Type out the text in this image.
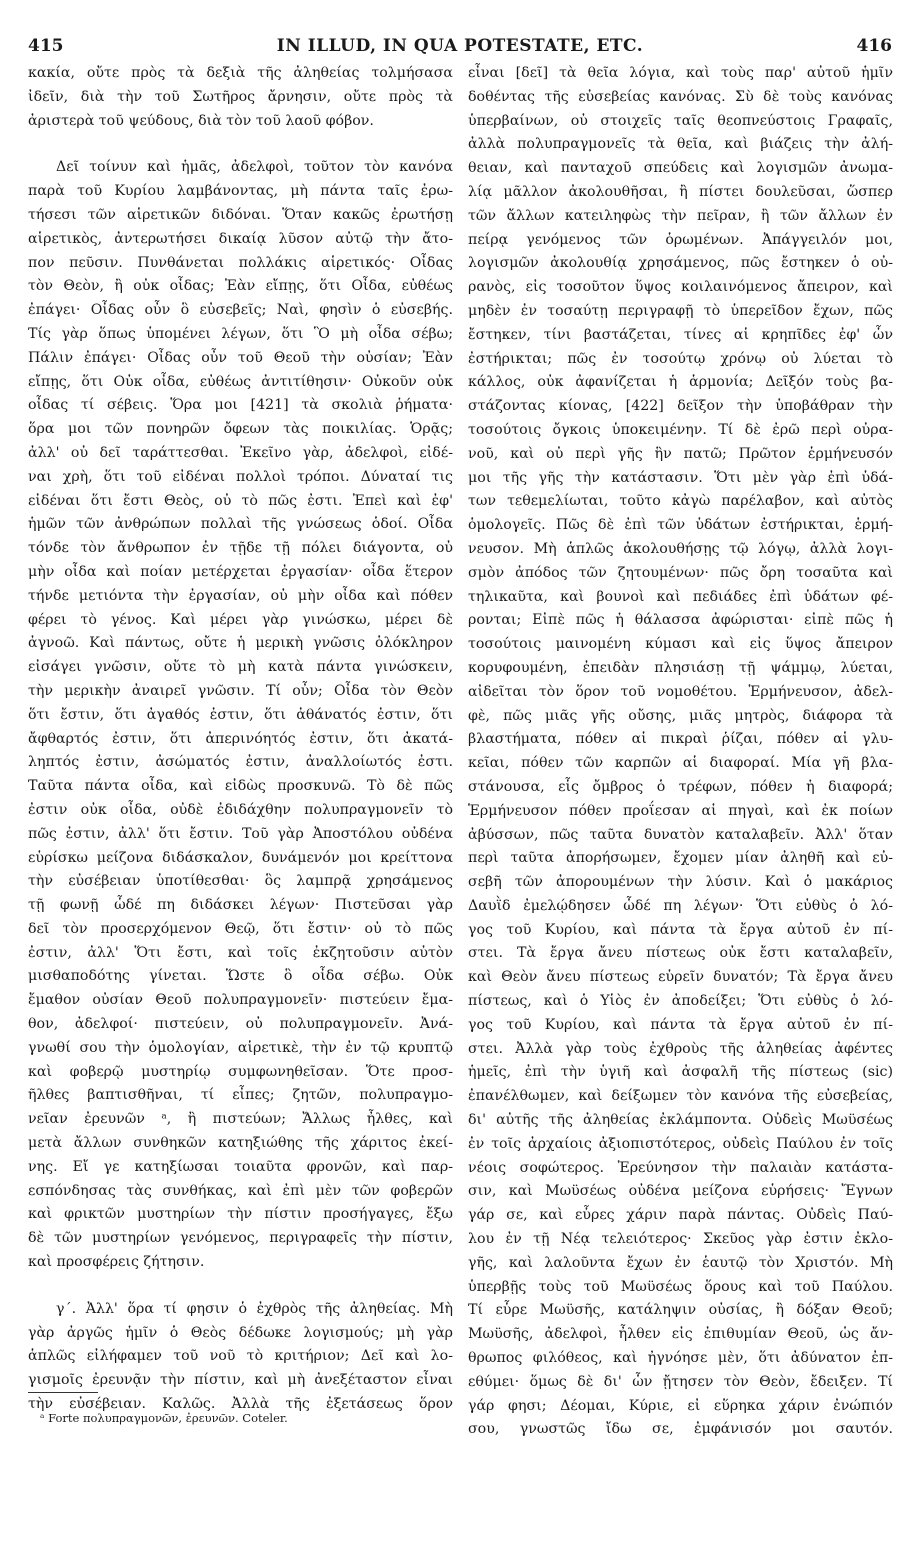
415	IN ILLUD, IN QUA POTESTATE, ETC.	416
κακία, οὔτε πρὸς τὰ δεξιὰ τῆς ἀληθείας τολμήσασα
ἰδεῖν, διὰ τὴν τοῦ Σωτῆρος ἄρνησιν, οὔτε πρὸς τὰ
ἀριστερὰ τοῦ ψεύδους, διὰ τὸν τοῦ λαοῦ φόβον.
Δεῖ τοίνυν καὶ ἡμᾶς, ἀδελφοὶ, τοῦτον τὸν κανόνα
παρὰ τοῦ Κυρίου λαμβάνοντας, μὴ πάντα ταῖς ἐρω-
τήσεσι τῶν αἱρετικῶν διδόναι. Ὅταν κακῶς ἐρωτήσῃ
αἱρετικὸς, ἀντερωτήσει δικαίᾳ λῦσον αὐτῷ τὴν ἄτο-
πον πεῦσιν. Πυνθάνεται πολλάκις αἱρετικός· Οἶδας
τὸν Θεὸν, ἢ οὐκ οἶδας; Ἐὰν εἴπῃς, ὅτι Οἶδα, εὐθέως
ἐπάγει· Οἶδας οὖν ὃ εὐσεβεῖς; Ναὶ, φησὶν ὁ εὐσεβής.
Τίς γὰρ ὅπως ὑπομένει λέγων, ὅτι Ὃ μὴ οἶδα σέβω;
Πάλιν ἐπάγει· Οἶδας οὖν τοῦ Θεοῦ τὴν οὐσίαν; Ἐὰν
εἴπῃς, ὅτι Οὐκ οἶδα, εὐθέως ἀντιτίθησιν· Οὐκοῦν οὐκ
οἶδας τί σέβεις. Ὅρα μοι [421] τὰ σκολιὰ ῥήματα·
ὅρα μοι τῶν πονηρῶν ὄφεων τὰς ποικιλίας. Ὁρᾷς;
ἀλλ' οὐ δεῖ ταράττεσθαι. Ἐκεῖνο γὰρ, ἀδελφοὶ, εἰδέ-
ναι χρὴ, ὅτι τοῦ εἰδέναι πολλοὶ τρόποι. Δύναταί τις
εἰδέναι ὅτι ἔστι Θεὸς, οὐ τὸ πῶς ἐστι. Ἐπεὶ καὶ ἐφ'
ἡμῶν τῶν ἀνθρώπων πολλαὶ τῆς γνώσεως ὁδοί. Οἶδα
τόνδε τὸν ἄνθρωπον ἐν τῇδε τῇ πόλει διάγοντα, οὐ
μὴν οἶδα καὶ ποίαν μετέρχεται ἐργασίαν· οἶδα ἕτερον
τήνδε μετιόντα τὴν ἐργασίαν, οὐ μὴν οἶδα καὶ πόθεν
φέρει τὸ γένος. Καὶ μέρει γὰρ γινώσκω, μέρει δὲ
ἀγνοῶ. Καὶ πάντως, οὔτε ἡ μερικὴ γνῶσις ὁλόκληρον
εἰσάγει γνῶσιν, οὔτε τὸ μὴ κατὰ πάντα γινώσκειν,
τὴν μερικὴν ἀναιρεῖ γνῶσιν. Τί οὖν; Οἶδα τὸν Θεὸν
ὅτι ἔστιν, ὅτι ἀγαθός ἐστιν, ὅτι ἀθάνατός ἐστιν, ὅτι
ἄφθαρτός ἐστιν, ὅτι ἀπερινόητός ἐστιν, ὅτι ἀκατά-
ληπτός ἐστιν, ἀσώματός ἐστιν, ἀναλλοίωτός ἐστι.
Ταῦτα πάντα οἶδα, καὶ εἰδὼς προσκυνῶ. Τὸ δὲ πῶς
ἐστιν οὐκ οἶδα, οὐδὲ ἐδιδάχθην πολυπραγμονεῖν τὸ
πῶς ἐστιν, ἀλλ' ὅτι ἔστιν. Τοῦ γὰρ Ἀποστόλου οὐδένα
εὑρίσκω μείζονα διδάσκαλον, δυνάμενόν μοι κρείττονα
τὴν εὐσέβειαν ὑποτίθεσθαι· ὃς λαμπρᾷ χρησάμενος
τῇ φωνῇ ὧδέ πη διδάσκει λέγων· Πιστεῦσαι γὰρ
δεῖ τὸν προσερχόμενον Θεῷ, ὅτι ἔστιν· οὐ τὸ πῶς
ἐστιν, ἀλλ' Ὅτι ἔστι, καὶ τοῖς ἐκζητοῦσιν αὐτὸν
μισθαποδότης γίνεται. Ὥστε ὃ οἶδα σέβω. Οὐκ
ἔμαθον οὐσίαν Θεοῦ πολυπραγμονεῖν· πιστεύειν ἔμα-
θον, ἀδελφοί· πιστεύειν, οὐ πολυπραγμονεῖν. Ἀνά-
γνωθί σου τὴν ὁμολογίαν, αἱρετικὲ, τὴν ἐν τῷ κρυπτῷ
καὶ φοβερῷ μυστηρίῳ συμφωνηθεῖσαν. Ὅτε προσ-
ῆλθες βαπτισθῆναι, τί εἶπες; ζητῶν, πολυπραγμο-
νεῖαν ἐρευνῶν ᵃ, ἢ πιστεύων; Ἄλλως ἦλθες, καὶ
μετὰ ἄλλων συνθηκῶν κατηξιώθης τῆς χάριτος ἐκεί-
νης. Εἴ γε κατηξίωσαι τοιαῦτα φρονῶν, καὶ παρ-
εσπόνδησας τὰς συνθήκας, καὶ ἐπὶ μὲν τῶν φοβερῶν
καὶ φρικτῶν μυστηρίων τὴν πίστιν προσήγαγες, ἔξω
δὲ τῶν μυστηρίων γενόμενος, περιγραφεῖς τὴν πίστιν,
καὶ προσφέρεις ζήτησιν.
γ΄. Ἀλλ' ὅρα τί φησιν ὁ ἐχθρὸς τῆς ἀληθείας. Μὴ
γὰρ ἀργῶς ἡμῖν ὁ Θεὸς δέδωκε λογισμούς; μὴ γὰρ
ἁπλῶς εἰλήφαμεν τοῦ νοῦ τὸ κριτήριον; Δεῖ καὶ λο-
γισμοῖς ἐρευνᾷν τὴν πίστιν, καὶ μὴ ἀνεξέταστον εἶναι
τὴν εὐσέβειαν. Καλῶς. Ἀλλὰ τῆς ἐξετάσεως ὅρον
εἶναι [δεῖ] τὰ θεῖα λόγια, καὶ τοὺς παρ' αὐτοῦ ἡμῖν
δοθέντας τῆς εὐσεβείας κανόνας. Σὺ δὲ τοὺς κανόνας
ὑπερβαίνων, οὐ στοιχεῖς ταῖς θεοπνεύστοις Γραφαῖς,
ἀλλὰ πολυπραγμονεῖς τὰ θεῖα, καὶ βιάζεις τὴν ἀλή-
θειαν, καὶ πανταχοῦ σπεύδεις καὶ λογισμῶν ἀνωμα-
λίᾳ μᾶλλον ἀκολουθῆσαι, ἢ πίστει δουλεῦσαι, ὥσπερ
τῶν ἄλλων κατειληφὼς τὴν πεῖραν, ἢ τῶν ἄλλων ἐν
πείρᾳ γενόμενος τῶν ὁρωμένων. Ἀπάγγειλόν μοι,
λογισμῶν ἀκολουθίᾳ χρησάμενος, πῶς ἔστηκεν ὁ οὐ-
ρανὸς, εἰς τοσοῦτον ὕψος κοιλαινόμενος ἄπειρον, καὶ
μηδὲν ἐν τοσαύτῃ περιγραφῇ τὸ ὑπερεῖδον ἔχων, πῶς
ἔστηκεν, τίνι βαστάζεται, τίνες αἱ κρηπῖδες ἐφ' ὧν
ἐστήρικται; πῶς ἐν τοσούτῳ χρόνῳ οὐ λύεται τὸ
κάλλος, οὐκ ἀφανίζεται ἡ ἁρμονία; Δεῖξόν τοὺς βα-
στάζοντας κίονας, [422] δεῖξον τὴν ὑποβάθραν τὴν
τοσούτοις ὄγκοις ὑποκειμένην. Τί δὲ ἐρῶ περὶ οὐρα-
νοῦ, καὶ οὐ περὶ γῆς ἣν πατῶ; Πρῶτον ἑρμήνευσόν
μοι τῆς γῆς τὴν κατάστασιν. Ὅτι μὲν γὰρ ἐπὶ ὑδά-
των τεθεμελίωται, τοῦτο κἀγὼ παρέλαβον, καὶ αὐτὸς
ὁμολογεῖς. Πῶς δὲ ἐπὶ τῶν ὑδάτων ἐστήρικται, ἑρμή-
νευσον. Μὴ ἁπλῶς ἀκολουθήσῃς τῷ λόγῳ, ἀλλὰ λογι-
σμὸν ἀπόδος τῶν ζητουμένων· πῶς ὄρη τοσαῦτα καὶ
τηλικαῦτα, καὶ βουνοὶ καὶ πεδιάδες ἐπὶ ὑδάτων φέ-
ρονται; Εἰπὲ πῶς ἡ θάλασσα ἀφώρισται· εἰπὲ πῶς ἡ
τοσούτοις μαινομένη κύμασι καὶ εἰς ὕψος ἄπειρον
κορυφουμένη, ἐπειδὰν πλησιάσῃ τῇ ψάμμῳ, λύεται,
αἰδεῖται τὸν ὅρον τοῦ νομοθέτου. Ἑρμήνευσον, ἀδελ-
φὲ, πῶς μιᾶς γῆς οὔσης, μιᾶς μητρὸς, διάφορα τὰ
βλαστήματα, πόθεν αἱ πικραὶ ῥίζαι, πόθεν αἱ γλυ-
κεῖαι, πόθεν τῶν καρπῶν αἱ διαφοραί. Μία γῆ βλα-
στάνουσα, εἷς ὄμβρος ὁ τρέφων, πόθεν ἡ διαφορά;
Ἑρμήνευσον πόθεν προΐεσαν αἱ πηγαὶ, καὶ ἐκ ποίων
ἀβύσσων, πῶς ταῦτα δυνατὸν καταλαβεῖν. Ἀλλ' ὅταν
περὶ ταῦτα ἀπορήσωμεν, ἔχομεν μίαν ἀληθῆ καὶ εὐ-
σεβῆ τῶν ἀπορουμένων τὴν λύσιν. Καὶ ὁ μακάριος
Δαυῒδ ἐμελῴδησεν ὧδέ πη λέγων· Ὅτι εὐθὺς ὁ λό-
γος τοῦ Κυρίου, καὶ πάντα τὰ ἔργα αὐτοῦ ἐν πί-
στει. Τὰ ἔργα ἄνευ πίστεως οὐκ ἔστι καταλαβεῖν,
καὶ Θεὸν ἄνευ πίστεως εὑρεῖν δυνατόν; Τὰ ἔργα ἄνευ
πίστεως, καὶ ὁ Υἱὸς ἐν ἀποδείξει; Ὅτι εὐθὺς ὁ λό-
γος τοῦ Κυρίου, καὶ πάντα τὰ ἔργα αὐτοῦ ἐν πί-
στει. Ἀλλὰ γὰρ τοὺς ἐχθροὺς τῆς ἀληθείας ἀφέντες
ἡμεῖς, ἐπὶ τὴν ὑγιῆ καὶ ἀσφαλῆ τῆς πίστεως (sic)
ἐπανέλθωμεν, καὶ δείξωμεν τὸν κανόνα τῆς εὐσεβείας,
δι' αὐτῆς τῆς ἀληθείας ἐκλάμποντα. Οὐδεὶς Μωϋσέως
ἐν τοῖς ἀρχαίοις ἀξιοπιστότερος, οὐδεὶς Παύλου ἐν τοῖς
νέοις σοφώτερος. Ἐρεύνησον τὴν παλαιὰν κατάστα-
σιν, καὶ Μωϋσέως οὐδένα μείζονα εὑρήσεις· Ἔγνων
γάρ σε, καὶ εὗρες χάριν παρὰ πάντας. Οὐδεὶς Παύ-
λου ἐν τῇ Νέᾳ τελειότερος· Σκεῦος γὰρ ἐστιν ἐκλο-
γῆς, καὶ λαλοῦντα ἔχων ἐν ἑαυτῷ τὸν Χριστόν. Μὴ
ὑπερβῇς τοὺς τοῦ Μωϋσέως ὅρους καὶ τοῦ Παύλου.
Τί εὗρε Μωϋσῆς, κατάληψιν οὐσίας, ἢ δόξαν Θεοῦ;
Μωϋσῆς, ἀδελφοὶ, ἦλθεν εἰς ἐπιθυμίαν Θεοῦ, ὡς ἄν-
θρωπος φιλόθεος, καὶ ἠγνόησε μὲν, ὅτι ἀδύνατον ἐπ-
εθύμει· ὅμως δὲ δι' ὧν ᾔτησεν τὸν Θεὸν, ἔδειξεν. Τί
γάρ φησι; Δέομαι, Κύριε, εἰ εὕρηκα χάριν ἐνώπιόν
σου, γνωστῶς ἴδω σε, ἐμφάνισόν μοι σαυτόν.
ᵃ Forte πολυπραγμονῶν, ἐρευνῶν. Coteler.
